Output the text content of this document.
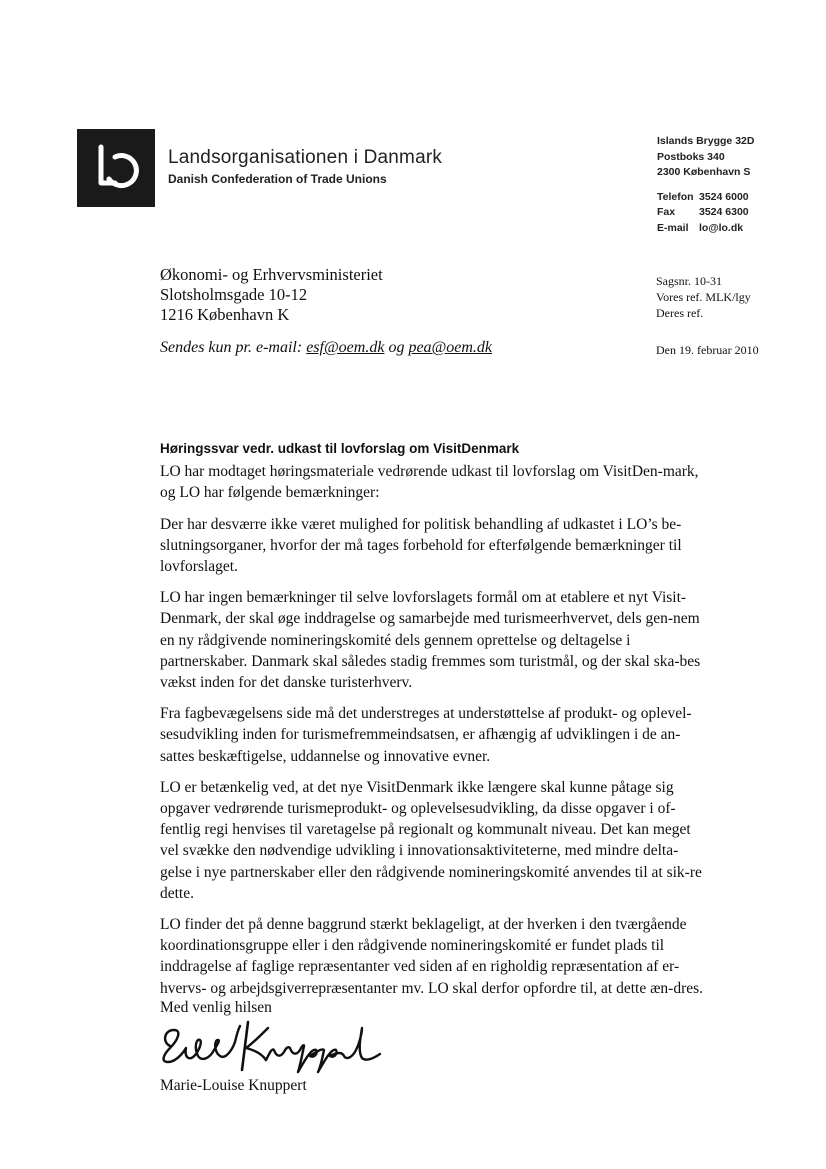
Landsorganisationen i Danmark
Danish Confederation of Trade Unions
Islands Brygge 32D
Postboks 340
2300 København S
Telefon 3524 6000
Fax	3524 6300
E-mail lo@lo.dk
Økonomi- og Erhvervsministeriet
Slotsholmsgade 10-12
1216 København K
Sagsnr. 10-31
Vores ref. MLK/lgy
Deres ref.
Sendes kun pr. e-mail: esf@oem.dk og pea@oem.dk	Den 19. februar 2010
Høringssvar vedr. udkast til lovforslag om VisitDenmark

LO har modtaget høringsmateriale vedrørende udkast til lovforslag om VisitDen-mark, og LO har følgende bemærkninger:

Der har desværre ikke været mulighed for politisk behandling af udkastet i LO’s be-slutningsorganer, hvorfor der må tages forbehold for efterfølgende bemærkninger til lovforslaget.

LO har ingen bemærkninger til selve lovforslagets formål om at etablere et nyt Visit-Denmark, der skal øge inddragelse og samarbejde med turismeerhvervet, dels gen-nem en ny rådgivende nomineringskomité dels gennem oprettelse og deltagelse i partnerskaber. Danmark skal således stadig fremmes som turistmål, og der skal ska-bes vækst inden for det danske turisterhverv.

Fra fagbevægelsens side må det understreges at understøttelse af produkt- og oplevel-sesudvikling inden for turismefremmeindsatsen, er afhængig af udviklingen i de an-sattes beskæftigelse, uddannelse og innovative evner.

LO er betænkelig ved, at det nye VisitDenmark ikke længere skal kunne påtage sig opgaver vedrørende turismeprodukt- og oplevelsesudvikling, da disse opgaver i of-fentlig regi henvises til varetagelse på regionalt og kommunalt niveau. Det kan meget vel svække den nødvendige udvikling i innovationsaktiviteterne, med mindre delta-gelse i nye partnerskaber eller den rådgivende nomineringskomité anvendes til at sik-re dette.

LO finder det på denne baggrund stærkt beklageligt, at der hverken i den tværgående koordinationsgruppe eller i den rådgivende nomineringskomité er fundet plads til inddragelse af faglige repræsentanter ved siden af en righoldig repræsentation af er-hvervs- og arbejdsgiverrepræsentanter mv. LO skal derfor opfordre til, at dette æn-dres.

Med venlig hilsen
Marie-Louise Knuppert
